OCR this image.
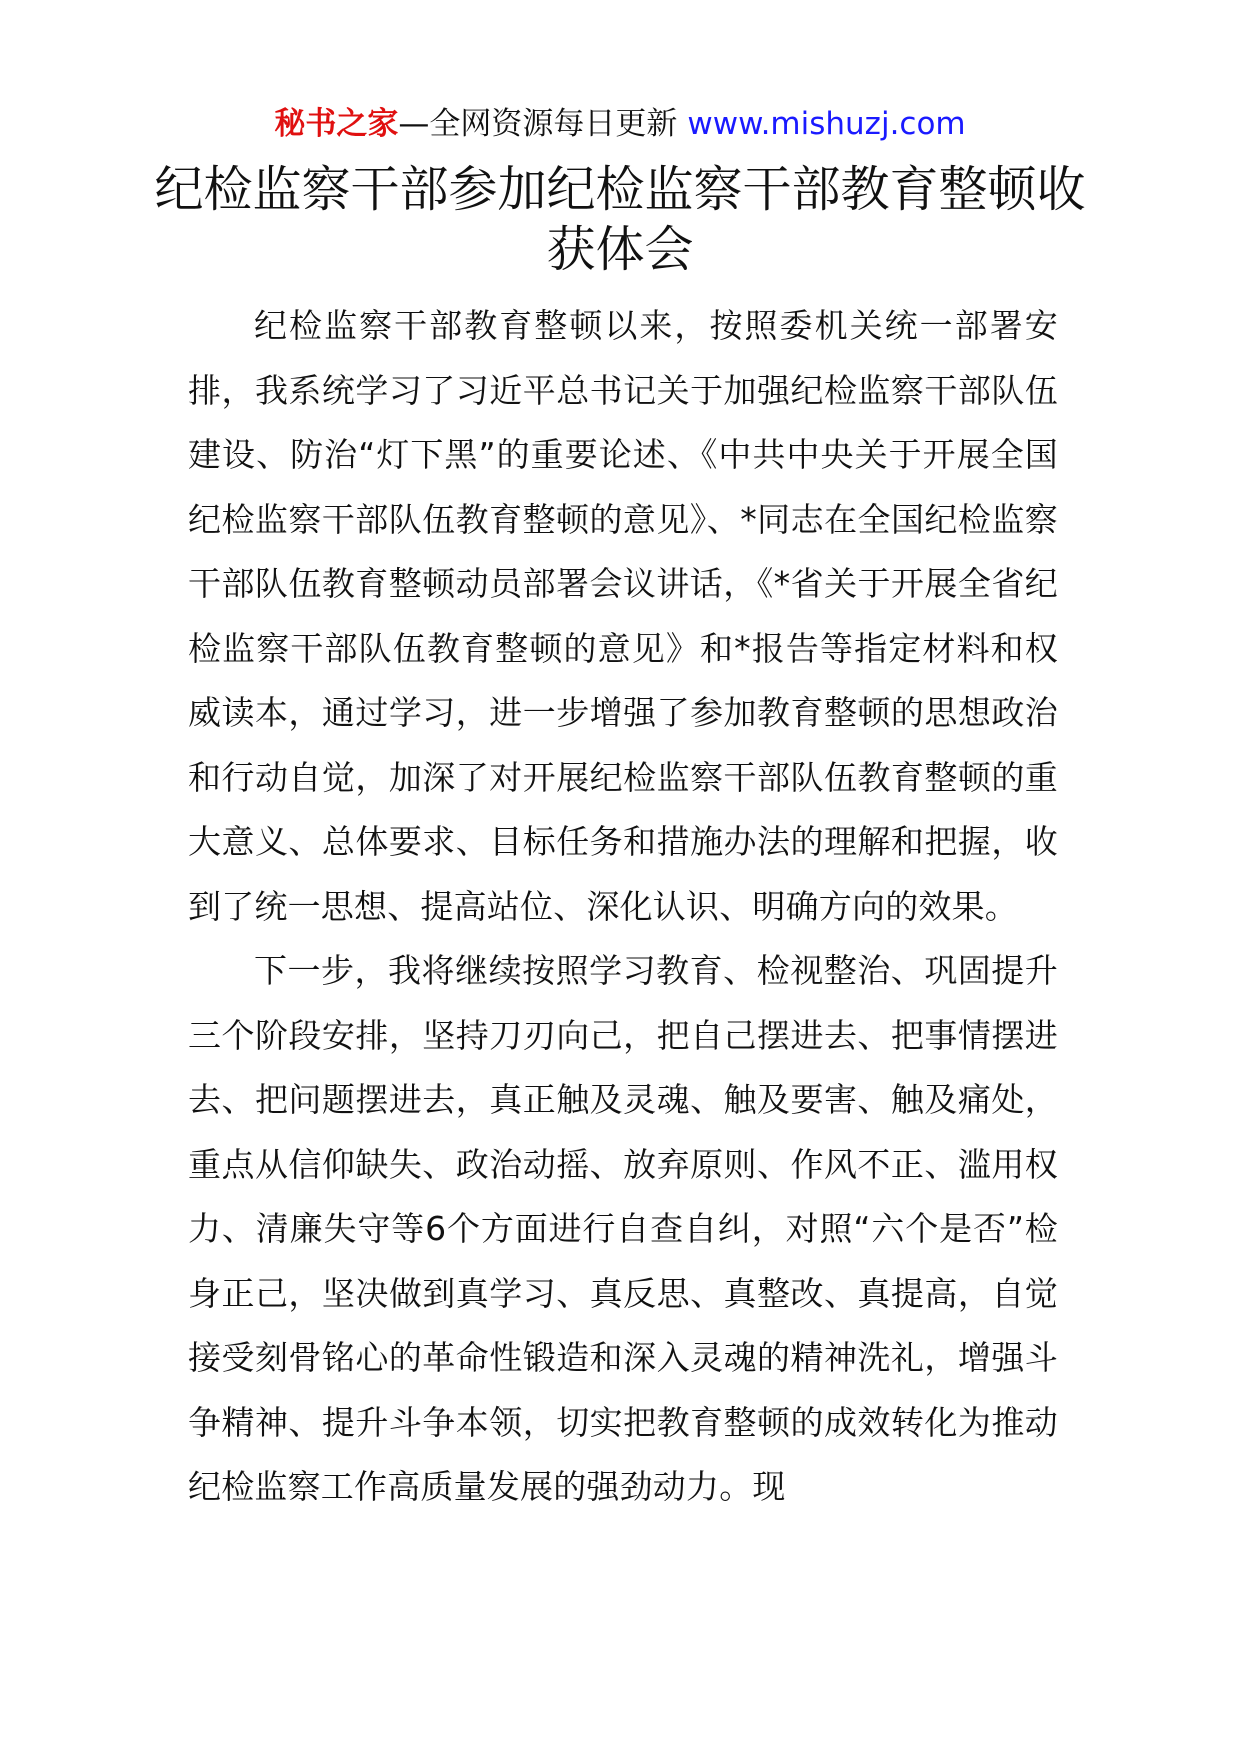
秘书之家—全网资源每日更新 www.mishuzj.com
纪检监察干部参加纪检监察干部教育整顿收获体会

纪检监察干部教育整顿以来，按照委机关统一部署安排，我系统学习了习近平总书记关于加强纪检监察干部队伍建设、防治“灯下黑”的重要论述、《中共中央关于开展全国纪检监察干部队伍教育整顿的意见》、*同志在全国纪检监察干部队伍教育整顿动员部署会议讲话，《*省关于开展全省纪检监察干部队伍教育整顿的意见》和*报告等指定材料和权威读本，通过学习，进一步增强了参加教育整顿的思想政治和行动自觉，加深了对开展纪检监察干部队伍教育整顿的重大意义、总体要求、目标任务和措施办法的理解和把握，收到了统一思想、提高站位、深化认识、明确方向的效果。

下一步，我将继续按照学习教育、检视整治、巩固提升三个阶段安排，坚持刀刃向己，把自己摆进去、把事情摆进去、把问题摆进去，真正触及灵魂、触及要害、触及痛处，重点从信仰缺失、政治动摇、放弃原则、作风不正、滥用权力、清廉失守等6个方面进行自查自纠，对照“六个是否”检身正己，坚决做到真学习、真反思、真整改、真提高，自觉接受刻骨铭心的革命性锻造和深入灵魂的精神洗礼，增强斗争精神、提升斗争本领，切实把教育整顿的成效转化为推动纪检监察工作高质量发展的强劲动力。现
